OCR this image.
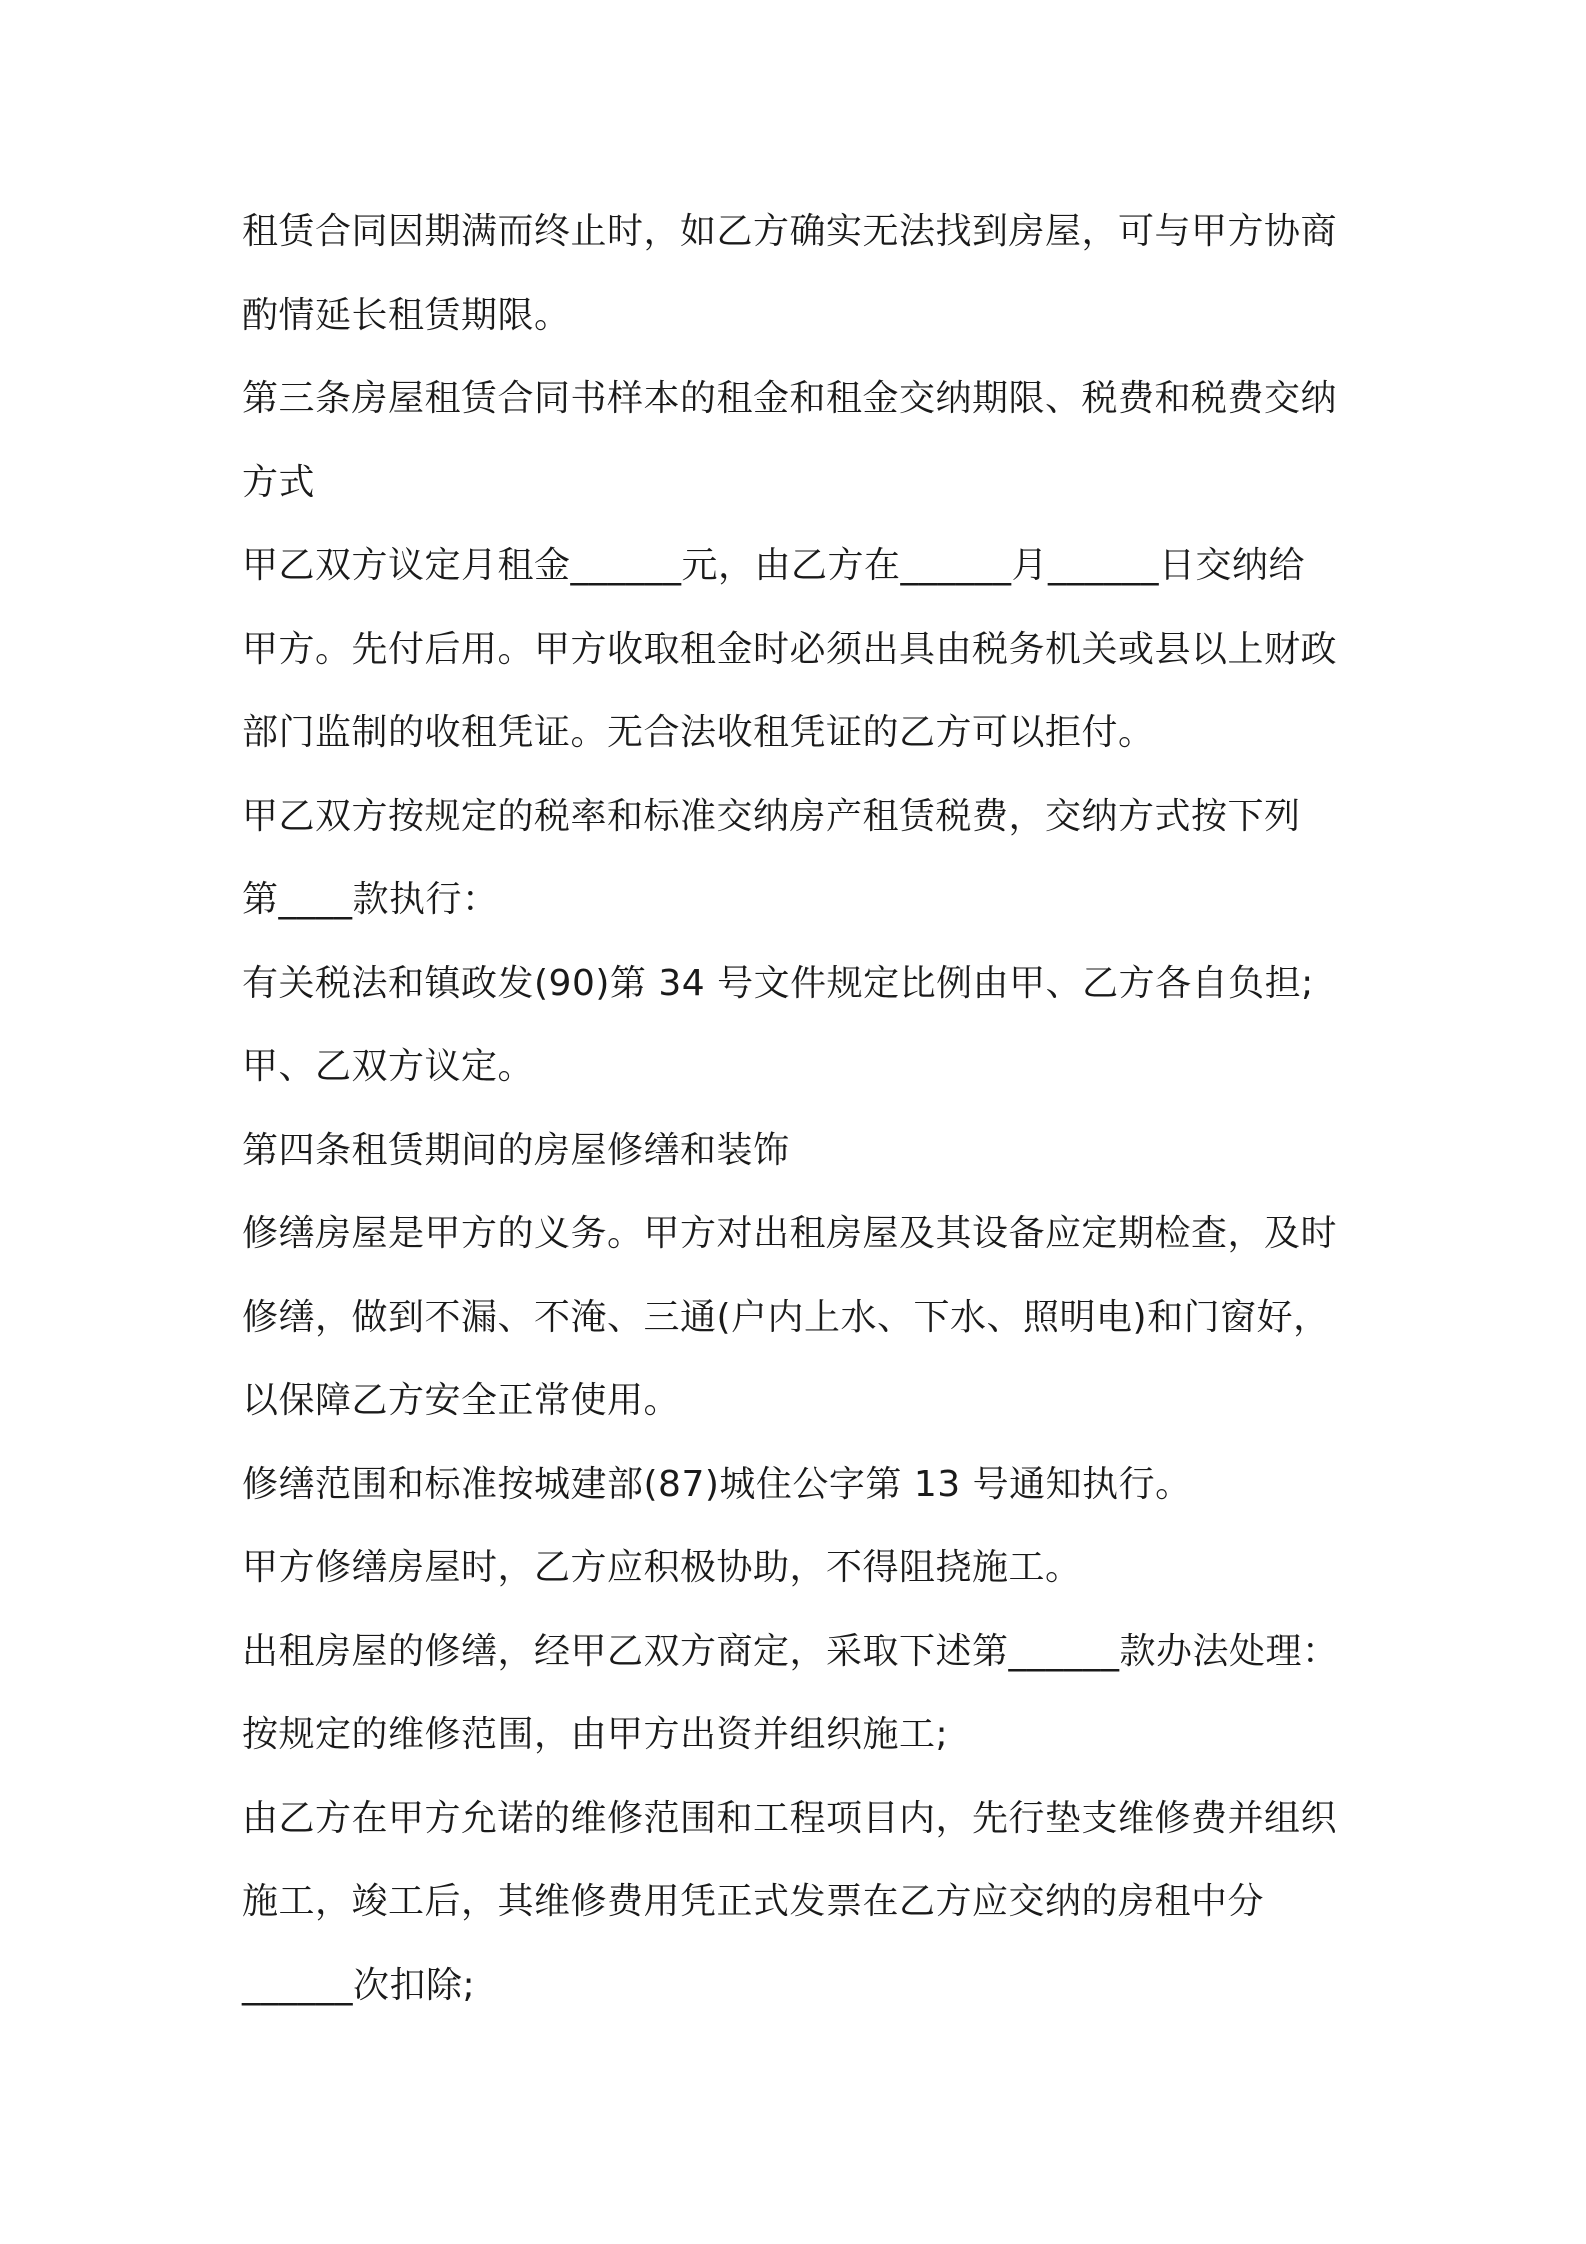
租赁合同因期满而终止时，如乙方确实无法找到房屋，可与甲方协商
酌情延长租赁期限。
第三条房屋租赁合同书样本的租金和租金交纳期限、税费和税费交纳
方式
甲乙双方议定月租金______元，由乙方在______月______日交纳给
甲方。先付后用。甲方收取租金时必须出具由税务机关或县以上财政
部门监制的收租凭证。无合法收租凭证的乙方可以拒付。
甲乙双方按规定的税率和标准交纳房产租赁税费，交纳方式按下列
第____款执行：
有关税法和镇政发(90)第 34 号文件规定比例由甲、乙方各自负担;
甲、乙双方议定。
第四条租赁期间的房屋修缮和装饰
修缮房屋是甲方的义务。甲方对出租房屋及其设备应定期检查，及时
修缮，做到不漏、不淹、三通(户内上水、下水、照明电)和门窗好，
以保障乙方安全正常使用。
修缮范围和标准按城建部(87)城住公字第 13 号通知执行。
甲方修缮房屋时，乙方应积极协助，不得阻挠施工。
出租房屋的修缮，经甲乙双方商定，采取下述第______款办法处理：
按规定的维修范围，由甲方出资并组织施工;
由乙方在甲方允诺的维修范围和工程项目内，先行垫支维修费并组织
施工，竣工后，其维修费用凭正式发票在乙方应交纳的房租中分
______次扣除;
